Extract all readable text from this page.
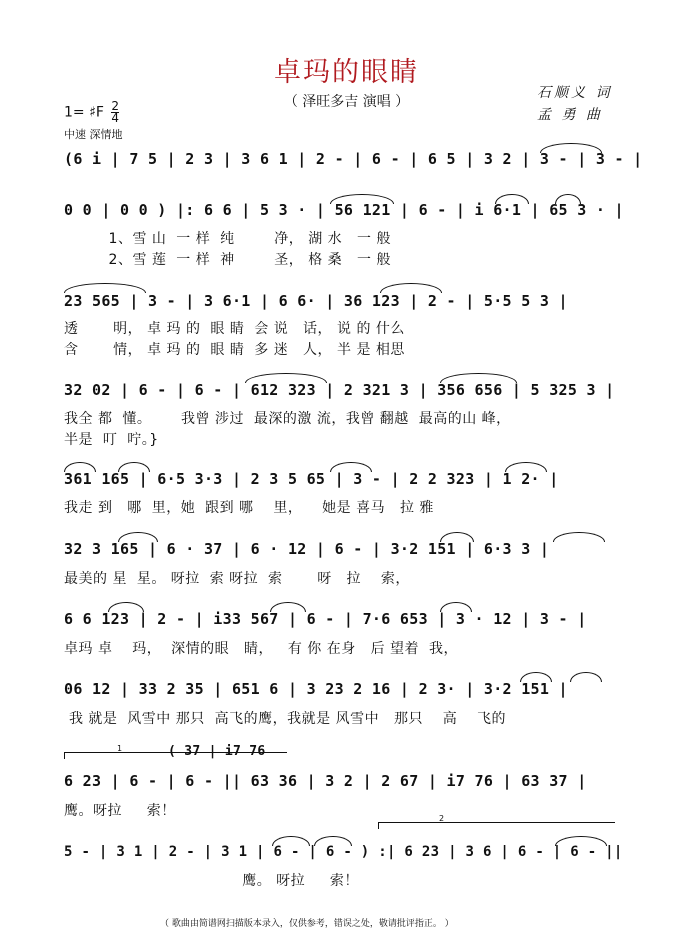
卓玛的眼睛
（ 泽旺多吉 演唱 ）
石顺义 词
孟 勇 曲
1= ♯F $\frac{2}{4}$
中速 深情地
(6 i | 7 5 | 2 3 | 3 6 1 | 2 - | 6 - | 6 5 | 3 2 | 3 - | 3 - |
0 0 | 0 0 ) |: 6 6 | 5 3 · | 56 121 | 6 - | i 6·1 | 65 3 · |
1、雪 山  一 样  纯        净， 湖 水   一 般
2、雪 莲  一 样  神        圣， 格 桑   一 般
23 565 | 3 - | 3 6·1 | 6 6· | 36 123 | 2 - | 5·5 5 3 |
透       明， 卓 玛 的  眼 睛  会 说   话， 说 的 什么
含       情， 卓 玛 的  眼 睛  多 迷   人， 半 是 相思
32 02 | 6 - | 6 - | 612 323 | 2 321 3 | 356 656 | 5 325 3 |
我全 都  懂。      我曾 涉过  最深的激 流，我曾 翻越  最高的山 峰，
半是  叮  咛。}
361 165 | 6·5 3·3 | 2 3 5 65 | 3 - | 2 2 323 | 1 2· |
我走 到   哪  里，她  跟到 哪    里，    她是 喜马   拉 雅
32 3 165 | 6 · 37 | 6 · 12 | 6 - | 3·2 151 | 6·3 3 |
最美的 星  星。 呀拉  索 呀拉  索       呀   拉    索，
6 6 123 | 2 - | i33 567 | 6 - | 7·6 653 | 3 · 12 | 3 - |
卓玛 卓    玛，  深情的眼   睛，   有 你 在身   后 望着  我，
06 12 | 33 2 35 | 651 6 | 3 23 2 16 | 2 3· | 3·2 151 |
我 就是  风雪中 那只  高飞的鹰，我就是 风雪中   那只    高    飞的
1	( 37 | i7 76
6 23 | 6 - | 6 - || 63 36 | 3 2 | 2 67 | i7 76 | 63 37 |
鹰。呀拉     索！	2
5 - | 3 1 | 2 - | 3 1 | 6 - | 6 - ) :| 6 23 | 3 6 | 6 - | 6 - ||
鹰。 呀拉     索！
（ 歌曲由简谱网扫描版本录入，仅供参考，错误之处，敬请批评指正。 ）
